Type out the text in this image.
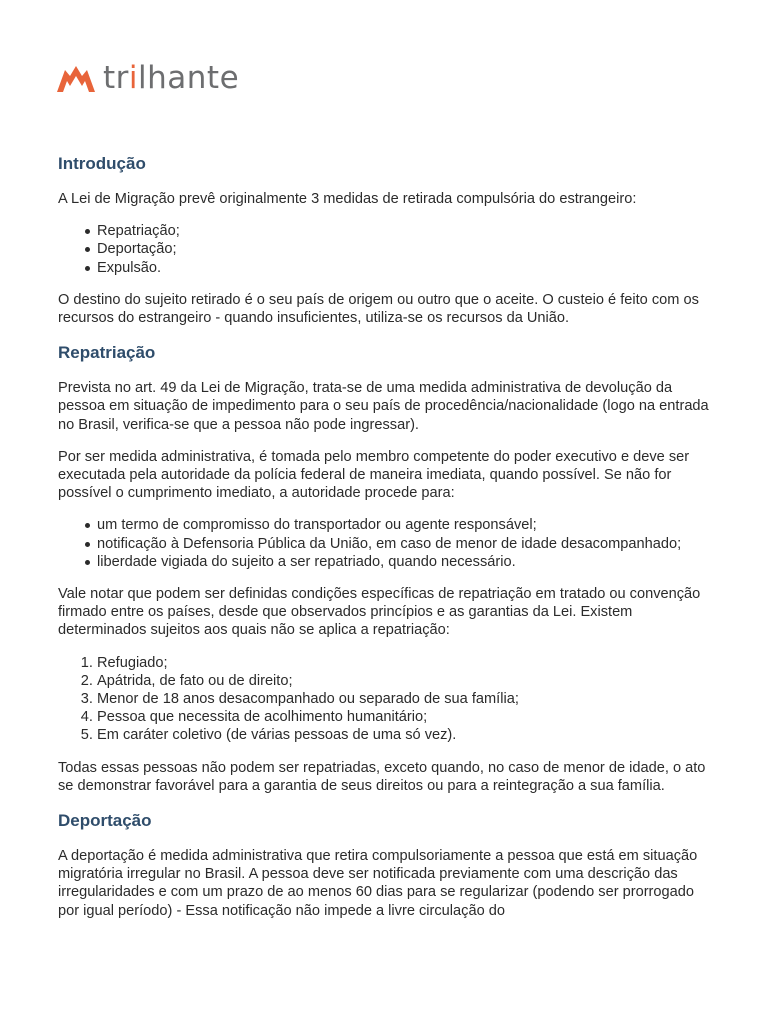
trilhante
Introdução

A Lei de Migração prevê originalmente 3 medidas de retirada compulsória do estrangeiro:

Repatriação;
Deportação;
Expulsão.

O destino do sujeito retirado é o seu país de origem ou outro que o aceite. O custeio é feito com os recursos do estrangeiro - quando insuficientes, utiliza-se os recursos da União.

Repatriação

Prevista no art. 49 da Lei de Migração, trata-se de uma medida administrativa de devolução da pessoa em situação de impedimento para o seu país de procedência/nacionalidade (logo na entrada no Brasil, verifica-se que a pessoa não pode ingressar).

Por ser medida administrativa, é tomada pelo membro competente do poder executivo e deve ser executada pela autoridade da polícia federal de maneira imediata, quando possível. Se não for possível o cumprimento imediato, a autoridade procede para:

um termo de compromisso do transportador ou agente responsável;
notificação à Defensoria Pública da União, em caso de menor de idade desacompanhado;
liberdade vigiada do sujeito a ser repatriado, quando necessário.

Vale notar que podem ser definidas condições específicas de repatriação em tratado ou convenção firmado entre os países, desde que observados princípios e as garantias da Lei. Existem determinados sujeitos aos quais não se aplica a repatriação:

1. Refugiado;
2. Apátrida, de fato ou de direito;
3. Menor de 18 anos desacompanhado ou separado de sua família;
4. Pessoa que necessita de acolhimento humanitário;
5. Em caráter coletivo (de várias pessoas de uma só vez).

Todas essas pessoas não podem ser repatriadas, exceto quando, no caso de menor de idade, o ato se demonstrar favorável para a garantia de seus direitos ou para a reintegração a sua família.

Deportação

A deportação é medida administrativa que retira compulsoriamente a pessoa que está em situação migratória irregular no Brasil. A pessoa deve ser notificada previamente com uma descrição das irregularidades e com um prazo de ao menos 60 dias para se regularizar (podendo ser prorrogado por igual período) - Essa notificação não impede a livre circulação do
